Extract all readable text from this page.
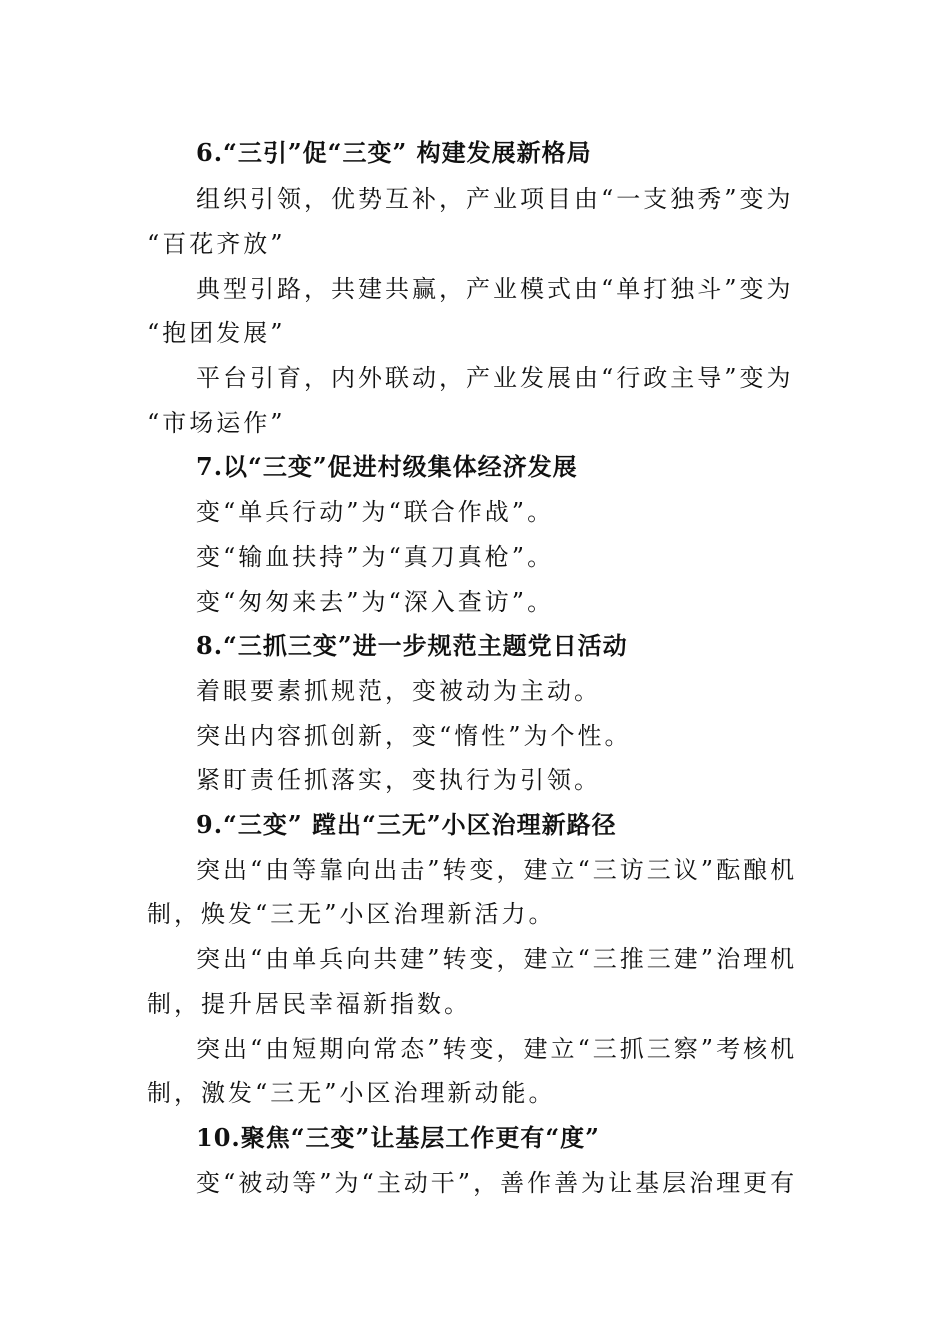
6.“三引”促“三变” 构建发展新格局
组织引领，优势互补，产业项目由“一支独秀”变为
“百花齐放”
典型引路，共建共赢，产业模式由“单打独斗”变为
“抱团发展”
平台引育，内外联动，产业发展由“行政主导”变为
“市场运作”
7.以“三变”促进村级集体经济发展
变“单兵行动”为“联合作战”。
变“输血扶持”为“真刀真枪”。
变“匆匆来去”为“深入查访”。
8.“三抓三变”进一步规范主题党日活动
着眼要素抓规范，变被动为主动。
突出内容抓创新，变“惰性”为个性。
紧盯责任抓落实，变执行为引领。
9.“三变” 蹚出“三无”小区治理新路径
突出“由等靠向出击”转变，建立“三访三议”酝酿机
制，焕发“三无”小区治理新活力。
突出“由单兵向共建”转变，建立“三推三建”治理机
制，提升居民幸福新指数。
突出“由短期向常态”转变，建立“三抓三察”考核机
制，激发“三无”小区治理新动能。
10.聚焦“三变”让基层工作更有“度”
变“被动等”为“主动干”，善作善为让基层治理更有
